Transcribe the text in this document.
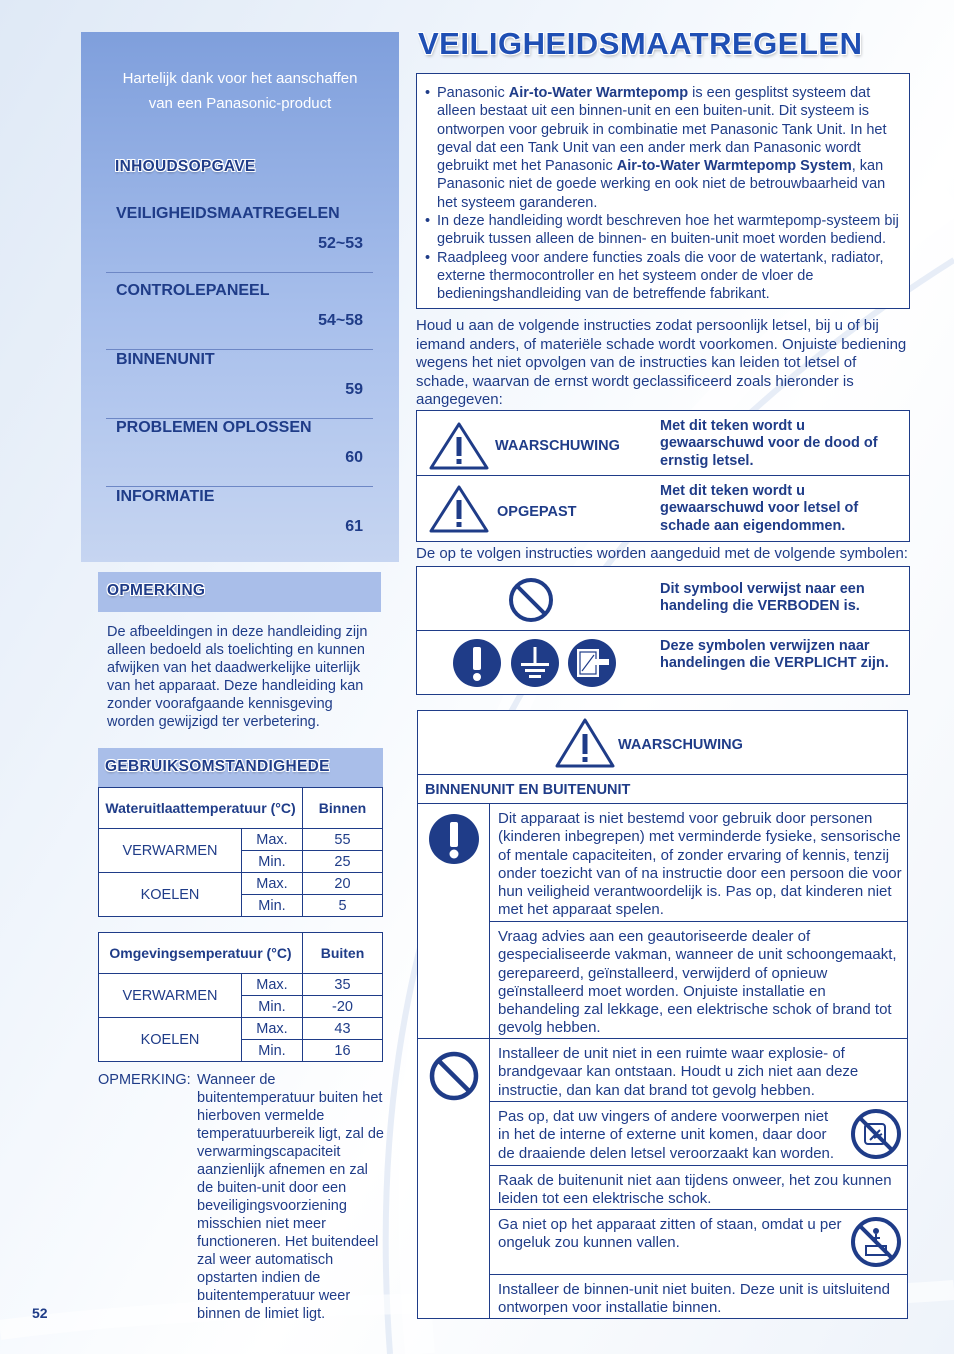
Hartelijk dank voor het aanschaffen
van een Panasonic-product
INHOUDSOPGAVE
VEILIGHEIDSMAATREGELEN
52~53
CONTROLEPANEEL
54~58
BINNENUNIT
59
PROBLEMEN OPLOSSEN
60
INFORMATIE
61
OPMERKING
De afbeeldingen in deze handleiding zijn alleen bedoeld als toelichting en kunnen afwijken van het daadwerkelijke uiterlijk van het apparaat. Deze handleiding kan zonder voorafgaande kennisgeving worden gewijzigd ter verbetering.
GEBRUIKSOMSTANDIGHEDE
Wateruitlaattemperatuur (°C)		Binnen
VERWARMEN	Max.	55
	Min.	25
KOELEN	Max.	20
	Min.	5
Omgevingsemperatuur (°C)		Buiten
VERWARMEN	Max.	35
	Min.	-20
KOELEN	Max.	43
	Min.	16
OPMERKING: Wanneer de buitentemperatuur buiten het hierboven vermelde temperatuurbereik ligt, zal de verwarmingscapaciteit aanzienlijk afnemen en zal de buiten-unit door een beveiligingsvoorziening misschien niet meer functioneren. Het buitendeel zal weer automatisch opstarten indien de buitentemperatuur weer binnen de limiet ligt.
52
VEILIGHEIDSMAATREGELEN
• Panasonic Air-to-Water Warmtepomp is een gesplitst systeem dat alleen bestaat uit een binnen-unit en een buiten-unit. Dit systeem is ontworpen voor gebruik in combinatie met Panasonic Tank Unit. In het geval dat een Tank Unit van een ander merk dan Panasonic wordt gebruikt met het Panasonic Air-to-Water Warmtepomp System, kan Panasonic niet de goede werking en ook niet de betrouwbaarheid van het systeem garanderen.
• In deze handleiding wordt beschreven hoe het warmtepomp-systeem bij gebruik tussen alleen de binnen- en buiten-unit moet worden bediend.
• Raadpleeg voor andere functies zoals die voor de watertank, radiator, externe thermocontroller en het systeem onder de vloer de bedieningshandleiding van de betreffende fabrikant.
Houd u aan de volgende instructies zodat persoonlijk letsel, bij u of bij iemand anders, of materiële schade wordt voorkomen. Onjuiste bediening wegens het niet opvolgen van de instructies kan leiden tot letsel of schade, waarvan de ernst wordt geclassificeerd zoals hieronder is aangegeven:
WAARSCHUWING
Met dit teken wordt u gewaarschuwd voor de dood of ernstig letsel.
OPGEPAST
Met dit teken wordt u gewaarschuwd voor letsel of schade aan eigendommen.
De op te volgen instructies worden aangeduid met de volgende symbolen:
Dit symbool verwijst naar een handeling die VERBODEN is.
Deze symbolen verwijzen naar handelingen die VERPLICHT zijn.
WAARSCHUWING
BINNENUNIT EN BUITENUNIT
Dit apparaat is niet bestemd voor gebruik door personen (kinderen inbegrepen) met verminderde fysieke, sensorische of mentale capaciteiten, of zonder ervaring of kennis, tenzij onder toezicht van of na instructie door een persoon die voor hun veiligheid verantwoordelijk is. Pas op, dat kinderen niet met het apparaat spelen.
Vraag advies aan een geautoriseerde dealer of gespecialiseerde vakman, wanneer de unit schoongemaakt, gerepareerd, geïnstalleerd, verwijderd of opnieuw geïnstalleerd moet worden. Onjuiste installatie en behandeling zal lekkage, een elektrische schok of brand tot gevolg hebben.
Installeer de unit niet in een ruimte waar explosie- of brandgevaar kan ontstaan. Houdt u zich niet aan deze instructie, dan kan dat brand tot gevolg hebben.
Pas op, dat uw vingers of andere voorwerpen niet in het de interne of externe unit komen, daar door de draaiende delen letsel veroorzaakt kan worden.
Raak de buitenunit niet aan tijdens onweer, het zou kunnen leiden tot een elektrische schok.
Ga niet op het apparaat zitten of staan, omdat u per ongeluk zou kunnen vallen.
Installeer de binnen-unit niet buiten. Deze unit is uitsluitend ontworpen voor installatie binnen.
